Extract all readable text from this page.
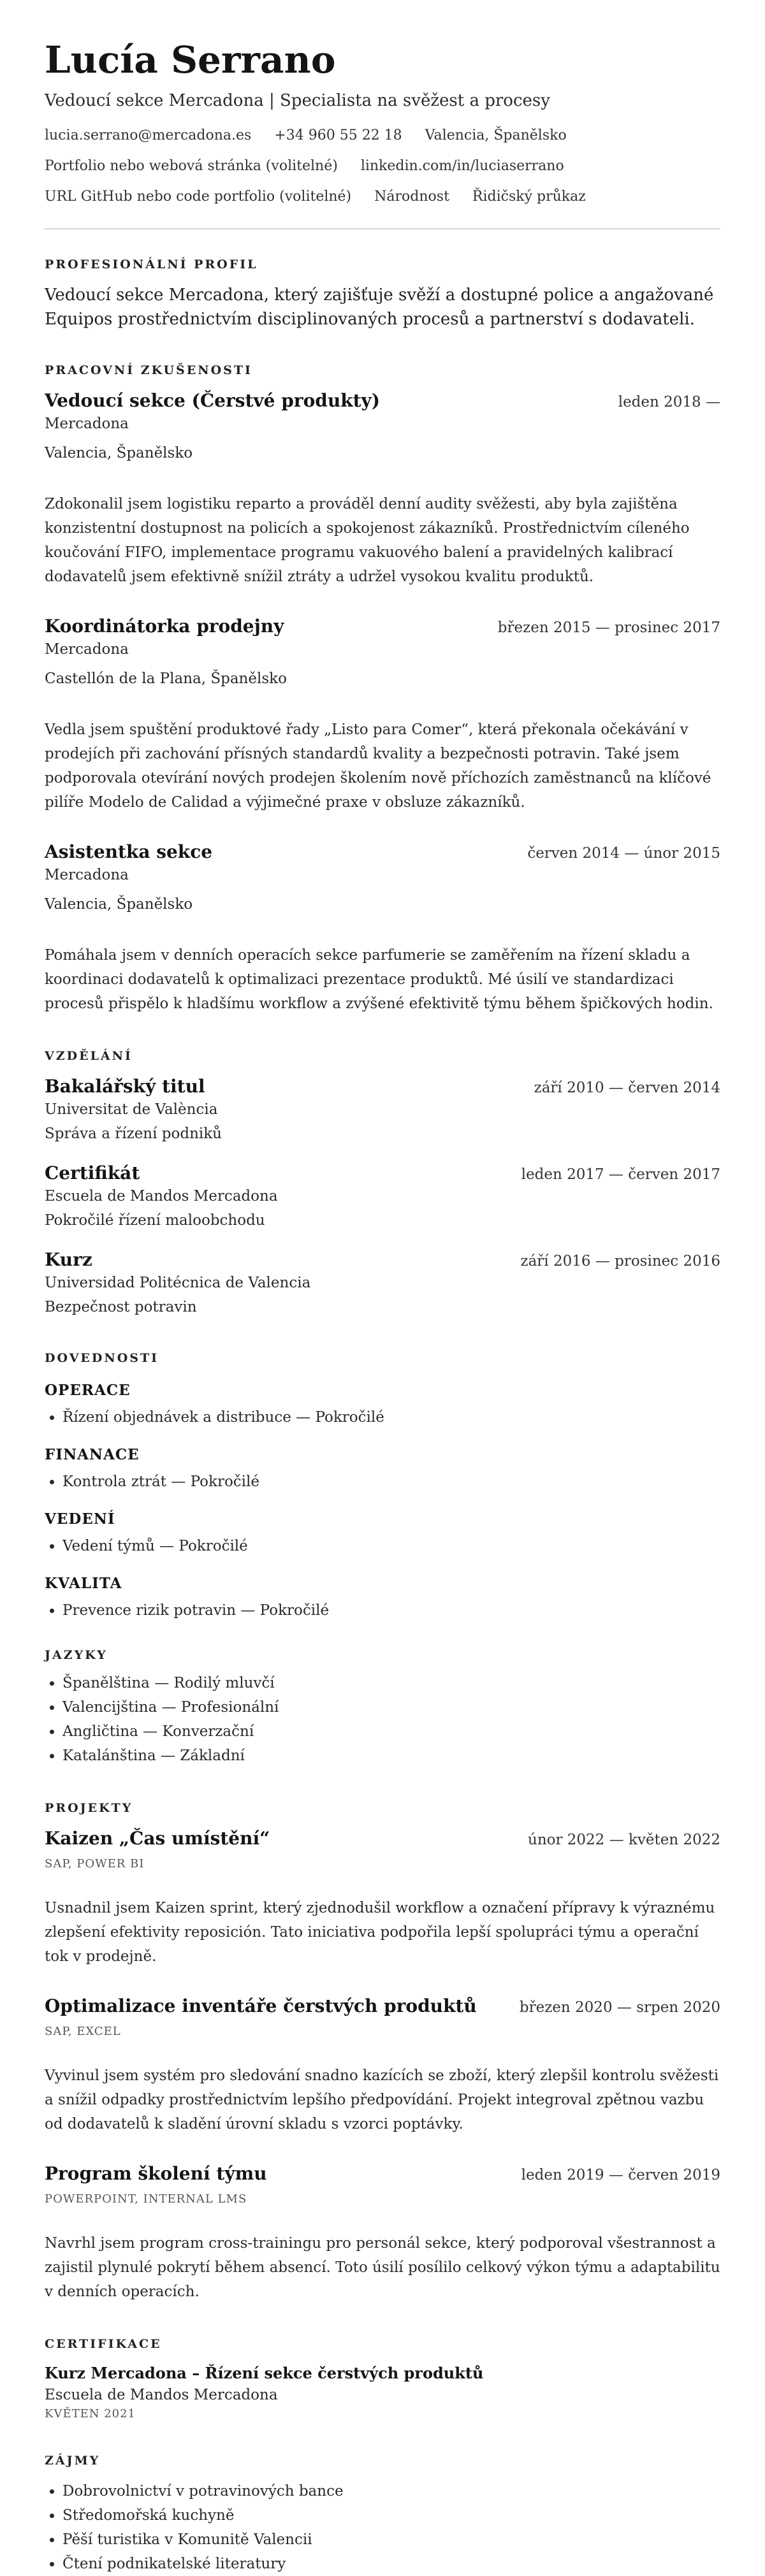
Lucía Serrano
Vedoucí sekce Mercadona | Specialista na svěžest a procesy
lucia.serrano@mercadona.es +34 960 55 22 18 Valencia, Španělsko
Portfolio nebo webová stránka (volitelné) linkedin.com/in/luciaserrano
URL GitHub nebo code portfolio (volitelné) Národnost Řidičský průkaz
PROFESIONÁLNÍ PROFIL

Vedoucí sekce Mercadona, který zajišťuje svěží a dostupné police a angažované Equipos prostřednictvím disciplinovaných procesů a partnerství s dodavateli.

PRACOVNÍ ZKUŠENOSTI
Vedoucí sekce (Čerstvé produkty)	leden 2018 —
Mercadona
Valencia, Španělsko
Zdokonalil jsem logistiku reparto a prováděl denní audity svěžesti, aby byla zajištěna konzistentní dostupnost na policích a spokojenost zákazníků. Prostřednictvím cíleného koučování FIFO, implementace programu vakuového balení a pravidelných kalibrací dodavatelů jsem efektivně snížil ztráty a udržel vysokou kvalitu produktů.
Koordinátorka prodejny	březen 2015 — prosinec 2017
Mercadona
Castellón de la Plana, Španělsko
Vedla jsem spuštění produktové řady „Listo para Comer“, která překonala očekávání v prodejích při zachování přísných standardů kvality a bezpečnosti potravin. Také jsem podporovala otevírání nových prodejen školením nově příchozích zaměstnanců na klíčové pilíře Modelo de Calidad a výjimečné praxe v obsluze zákazníků.
Asistentka sekce	červen 2014 — únor 2015
Mercadona
Valencia, Španělsko
Pomáhala jsem v denních operacích sekce parfumerie se zaměřením na řízení skladu a koordinaci dodavatelů k optimalizaci prezentace produktů. Mé úsilí ve standardizaci procesů přispělo k hladšímu workflow a zvýšené efektivitě týmu během špičkových hodin.
VZDĚLÁNÍ
Bakalářský titul	září 2010 — červen 2014
Universitat de València
Správa a řízení podniků
Certifikát	leden 2017 — červen 2017
Escuela de Mandos Mercadona
Pokročilé řízení maloobchodu
Kurz	září 2016 — prosinec 2016
Universidad Politécnica de Valencia
Bezpečnost potravin
DOVEDNOSTI
OPERACE
• Řízení objednávek a distribuce — Pokročilé
FINANACE
• Kontrola ztrát — Pokročilé
VEDENÍ
• Vedení týmů — Pokročilé
KVALITA
• Prevence rizik potravin — Pokročilé
JAZYKY
• Španělština — Rodilý mluvčí
• Valencijština — Profesionální
• Angličtina — Konverzační
• Katalánština — Základní
PROJEKTY
Kaizen „Čas umístění“	únor 2022 — květen 2022
SAP, POWER BI
Usnadnil jsem Kaizen sprint, který zjednodušil workflow a označení přípravy k výraznému zlepšení efektivity reposición. Tato iniciativa podpořila lepší spolupráci týmu a operační tok v prodejně.
Optimalizace inventáře čerstvých produktů	březen 2020 — srpen 2020
SAP, EXCEL
Vyvinul jsem systém pro sledování snadno kazících se zboží, který zlepšil kontrolu svěžesti a snížil odpadky prostřednictvím lepšího předpovídání. Projekt integroval zpětnou vazbu od dodavatelů k sladění úrovní skladu s vzorci poptávky.
Program školení týmu	leden 2019 — červen 2019
POWERPOINT, INTERNAL LMS
Navrhl jsem program cross-trainingu pro personál sekce, který podporoval všestrannost a zajistil plynulé pokrytí během absencí. Toto úsilí posílilo celkový výkon týmu a adaptabilitu v denních operacích.
CERTIFIKACE
Kurz Mercadona – Řízení sekce čerstvých produktů
Escuela de Mandos Mercadona
KVĚTEN 2021
ZÁJMY
• Dobrovolnictví v potravinových bance
• Středomořská kuchyně
• Pěší turistika v Komunitě Valencii
• Čtení podnikatelské literatury
